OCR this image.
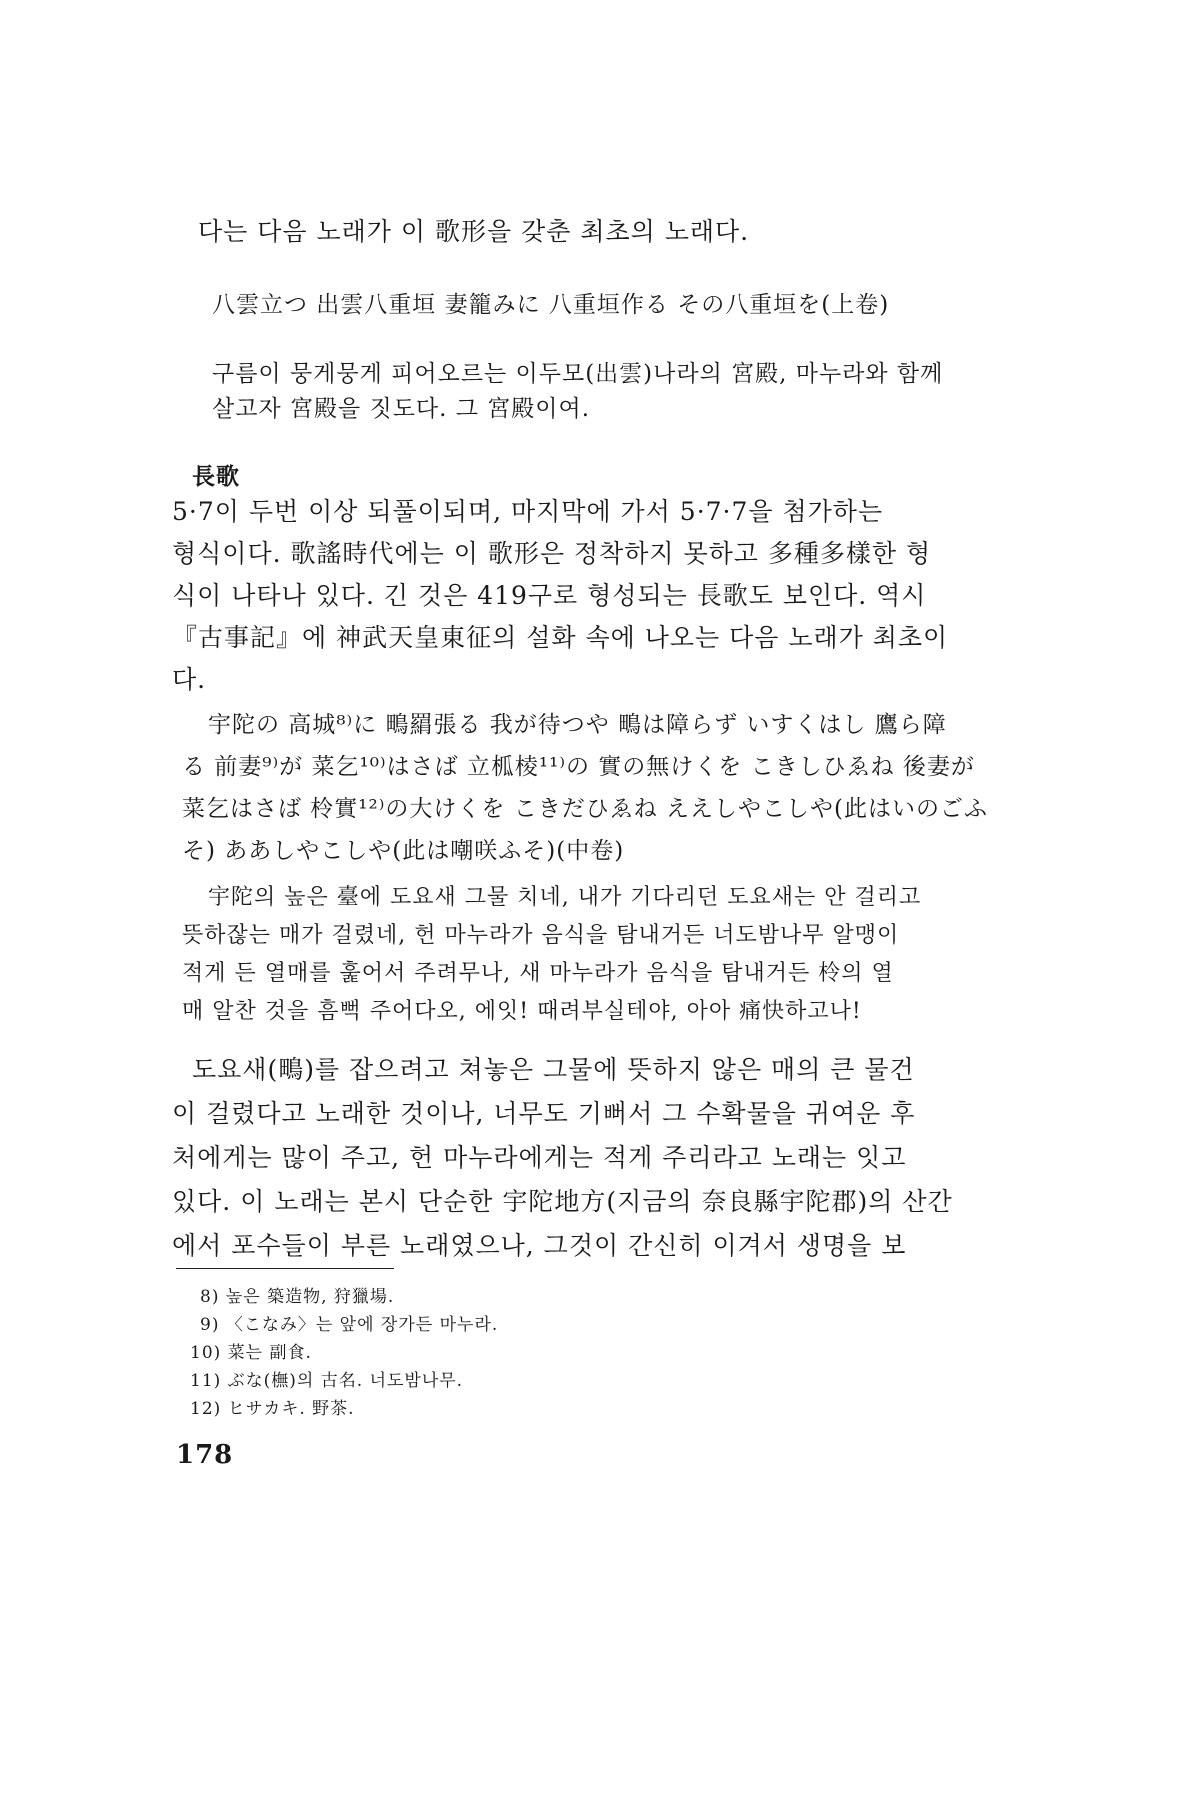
다는 다음 노래가 이 歌形을 갖춘 최초의 노래다.
八雲立つ 出雲八重垣 妻籠みに 八重垣作る その八重垣を(上卷)
구름이 뭉게뭉게 피어오르는 이두모(出雲)나라의 宮殿, 마누라와 함께
살고자 宮殿을 짓도다. 그 宮殿이여.
長歌
5·7이 두번 이상 되풀이되며, 마지막에 가서 5·7·7을 첨가하는
형식이다. 歌謠時代에는 이 歌形은 정착하지 못하고 多種多樣한 형
식이 나타나 있다. 긴 것은 419구로 형성되는 長歌도 보인다. 역시
『古事記』에 神武天皇東征의 설화 속에 나오는 다음 노래가 최초이
다.
宇陀の 高城⁸⁾に 鴫羂張る 我が待つや 鴫は障らず いすくはし 鷹ら障
る 前妻⁹⁾が 菜乞¹⁰⁾はさば 立柧棱¹¹⁾の 實の無けくを こきしひゑね 後妻が
菜乞はさば 柃實¹²⁾の大けくを こきだひゑね ええしやこしや(此はいのごふ
そ) ああしやこしや(此は嘲咲ふそ)(中卷)
宇陀의 높은 臺에 도요새 그물 치네, 내가 기다리던 도요새는 안 걸리고
뜻하잖는 매가 걸렸네, 헌 마누라가 음식을 탐내거든 너도밤나무 알맹이
적게 든 열매를 훑어서 주려무나, 새 마누라가 음식을 탐내거든 柃의 열
매 알찬 것을 흠뻑 주어다오, 에잇! 때려부실테야, 아아 痛快하고나!
도요새(鴫)를 잡으려고 쳐놓은 그물에 뜻하지 않은 매의 큰 물건
이 걸렸다고 노래한 것이나, 너무도 기뻐서 그 수확물을 귀여운 후
처에게는 많이 주고, 헌 마누라에게는 적게 주리라고 노래는 잇고
있다. 이 노래는 본시 단순한 宇陀地方(지금의 奈良縣宇陀郡)의 산간
에서 포수들이 부른 노래였으나, 그것이 간신히 이겨서 생명을 보
8) 높은 築造物, 狩獵場.
9) 〈こなみ〉는 앞에 장가든 마누라.
10) 菜는 副食.
11) ぶな(橅)의 古名. 너도밤나무.
12) ヒサカキ. 野茶.
178
